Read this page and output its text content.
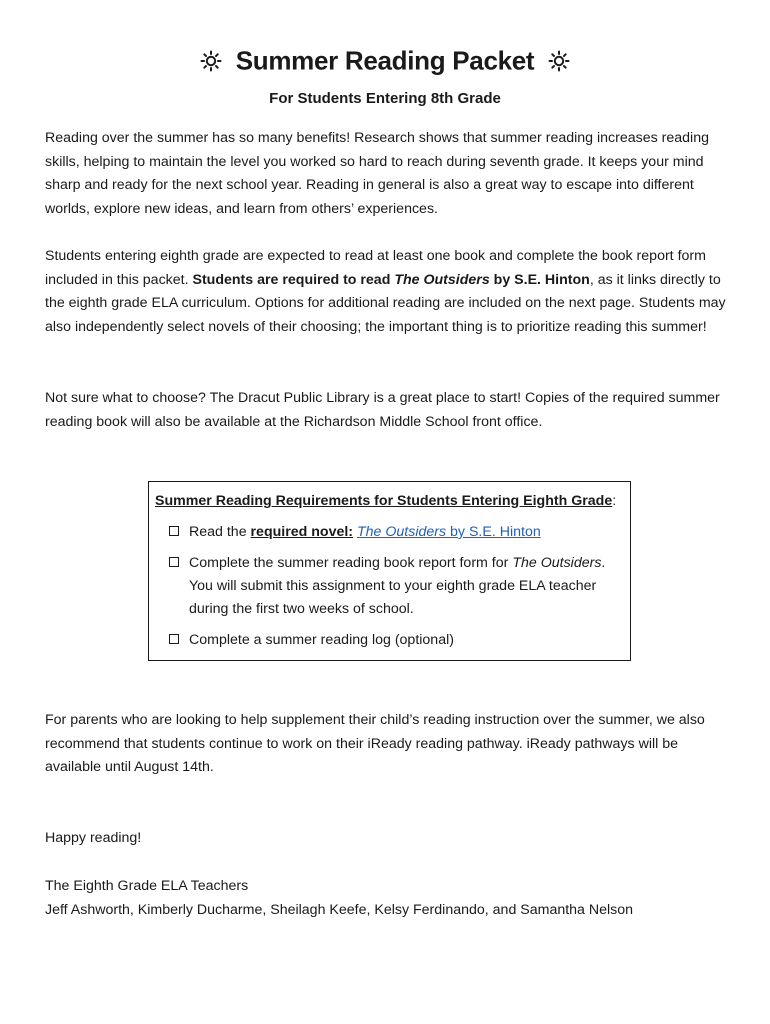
Summer Reading Packet
For Students Entering 8th Grade

Reading over the summer has so many benefits! Research shows that summer reading increases reading skills, helping to maintain the level you worked so hard to reach during seventh grade. It keeps your mind sharp and ready for the next school year. Reading in general is also a great way to escape into different worlds, explore new ideas, and learn from others’ experiences.

Students entering eighth grade are expected to read at least one book and complete the book report form included in this packet. Students are required to read The Outsiders by S.E. Hinton, as it links directly to the eighth grade ELA curriculum. Options for additional reading are included on the next page. Students may also independently select novels of their choosing; the important thing is to prioritize reading this summer!

Not sure what to choose? The Dracut Public Library is a great place to start! Copies of the required summer reading book will also be available at the Richardson Middle School front office.

Summer Reading Requirements for Students Entering Eighth Grade:
Read the required novel: The Outsiders by S.E. Hinton
Complete the summer reading book report form for The Outsiders. You will submit this assignment to your eighth grade ELA teacher during the first two weeks of school.
Complete a summer reading log (optional)

For parents who are looking to help supplement their child’s reading instruction over the summer, we also recommend that students continue to work on their iReady reading pathway. iReady pathways will be available until August 14th.

Happy reading!

The Eighth Grade ELA Teachers
Jeff Ashworth, Kimberly Ducharme, Sheilagh Keefe, Kelsy Ferdinando, and Samantha Nelson
